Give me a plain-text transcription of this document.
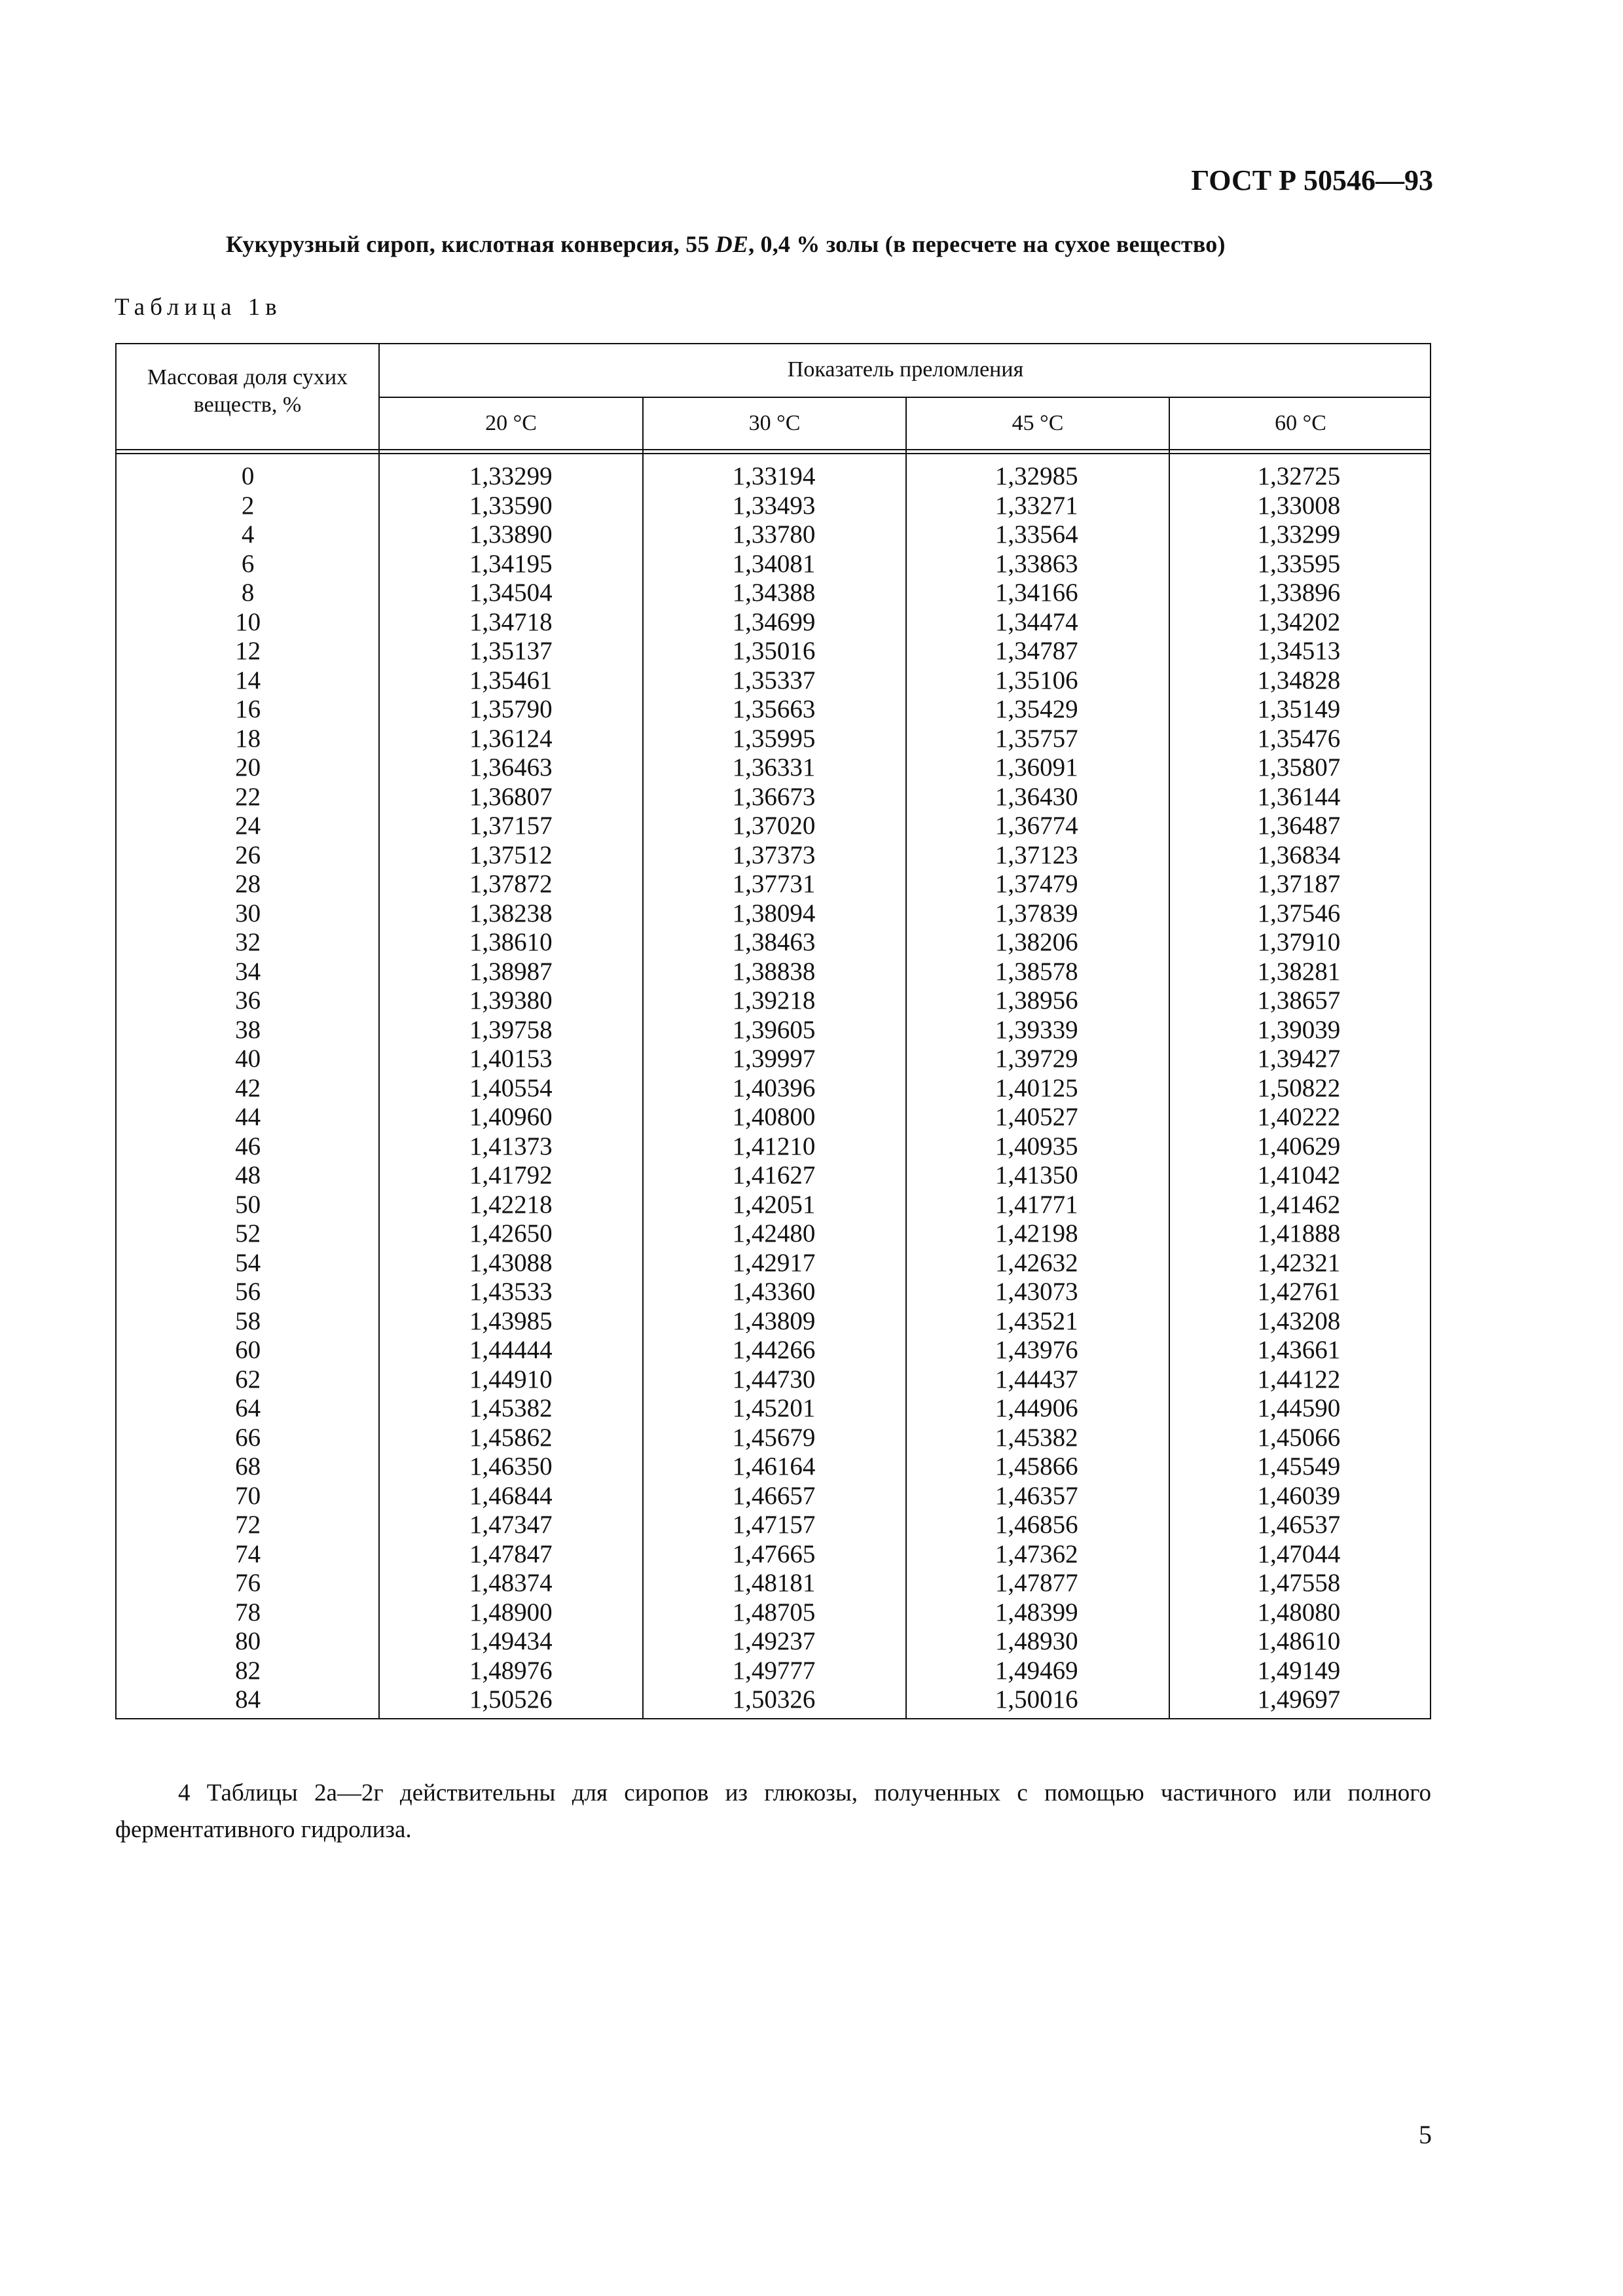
ГОСТ Р 50546—93
Кукурузный сироп, кислотная конверсия, 55 DE, 0,4 % золы (в пересчете на сухое вещество)
Таблица 1в
Массовая доля сухих веществ, %
Показатель преломления
20 °С	30 °С	45 °С	60 °С
0	1,33299	1,33194	1,32985	1,32725
2	1,33590	1,33493	1,33271	1,33008
4	1,33890	1,33780	1,33564	1,33299
6	1,34195	1,34081	1,33863	1,33595
8	1,34504	1,34388	1,34166	1,33896
10	1,34718	1,34699	1,34474	1,34202
12	1,35137	1,35016	1,34787	1,34513
14	1,35461	1,35337	1,35106	1,34828
16	1,35790	1,35663	1,35429	1,35149
18	1,36124	1,35995	1,35757	1,35476
20	1,36463	1,36331	1,36091	1,35807
22	1,36807	1,36673	1,36430	1,36144
24	1,37157	1,37020	1,36774	1,36487
26	1,37512	1,37373	1,37123	1,36834
28	1,37872	1,37731	1,37479	1,37187
30	1,38238	1,38094	1,37839	1,37546
32	1,38610	1,38463	1,38206	1,37910
34	1,38987	1,38838	1,38578	1,38281
36	1,39380	1,39218	1,38956	1,38657
38	1,39758	1,39605	1,39339	1,39039
40	1,40153	1,39997	1,39729	1,39427
42	1,40554	1,40396	1,40125	1,50822
44	1,40960	1,40800	1,40527	1,40222
46	1,41373	1,41210	1,40935	1,40629
48	1,41792	1,41627	1,41350	1,41042
50	1,42218	1,42051	1,41771	1,41462
52	1,42650	1,42480	1,42198	1,41888
54	1,43088	1,42917	1,42632	1,42321
56	1,43533	1,43360	1,43073	1,42761
58	1,43985	1,43809	1,43521	1,43208
60	1,44444	1,44266	1,43976	1,43661
62	1,44910	1,44730	1,44437	1,44122
64	1,45382	1,45201	1,44906	1,44590
66	1,45862	1,45679	1,45382	1,45066
68	1,46350	1,46164	1,45866	1,45549
70	1,46844	1,46657	1,46357	1,46039
72	1,47347	1,47157	1,46856	1,46537
74	1,47847	1,47665	1,47362	1,47044
76	1,48374	1,48181	1,47877	1,47558
78	1,48900	1,48705	1,48399	1,48080
80	1,49434	1,49237	1,48930	1,48610
82	1,48976	1,49777	1,49469	1,49149
84	1,50526	1,50326	1,50016	1,49697
4 Таблицы 2а—2г действительны для сиропов из глюкозы, полученных с помощью частичного или полного ферментативного гидролиза.
5
